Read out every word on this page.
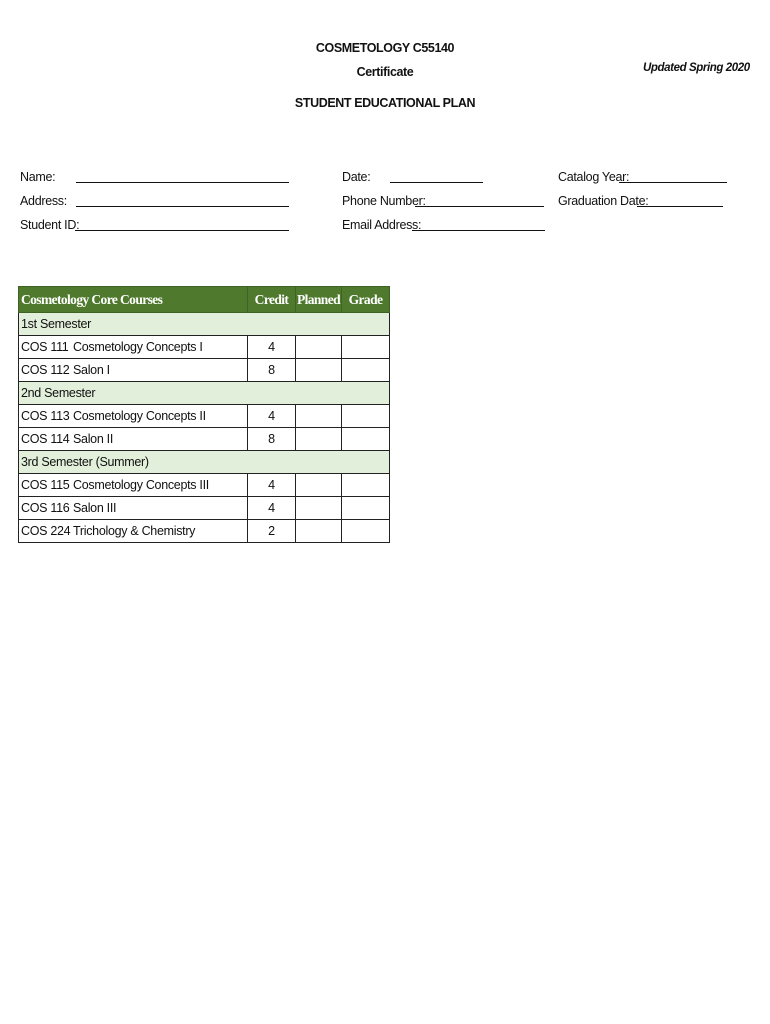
COSMETOLOGY C55140
Certificate
STUDENT EDUCATIONAL PLAN
Updated Spring 2020
Name:
Address:
Student ID:
Date:
Phone Number:
Email Address:
Catalog Year:
Graduation Date:
Cosmetology Core Courses	Credit	Planned	Grade
1st Semester			
COS 111 Cosmetology Concepts I	4		
COS 112 Salon I	8		
2nd Semester			
COS 113 Cosmetology Concepts II	4		
COS 114 Salon II	8		
3rd Semester (Summer)			
COS 115 Cosmetology Concepts III	4		
COS 116 Salon III	4		
COS 224 Trichology & Chemistry	2		
